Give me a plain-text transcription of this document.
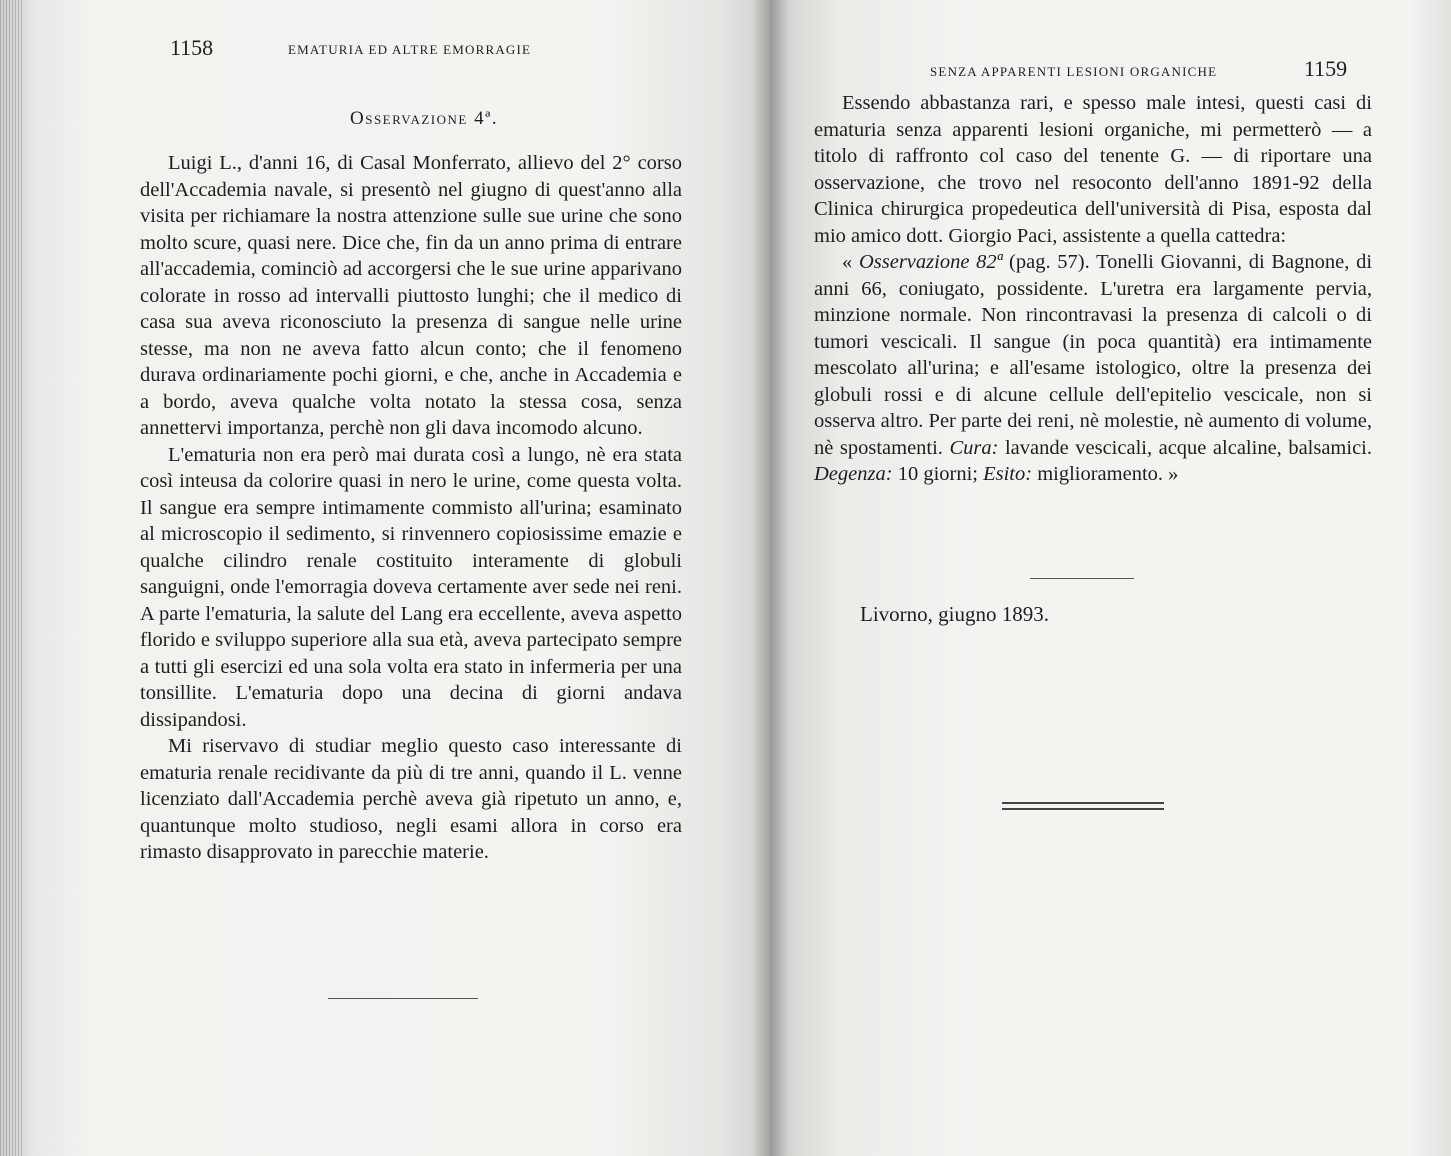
1158	EMATURIA ED ALTRE EMORRAGIE
Osservazione 4ª.

Luigi L., d'anni 16, di Casal Monferrato, allievo del 2° corso dell'Accademia navale, si presentò nel giugno di quest'anno alla visita per richiamare la nostra attenzione sulle sue urine che sono molto scure, quasi nere. Dice che, fin da un anno prima di entrare all'accademia, cominciò ad accorgersi che le sue urine apparivano colorate in rosso ad intervalli piuttosto lunghi; che il medico di casa sua aveva riconosciuto la presenza di sangue nelle urine stesse, ma non ne aveva fatto alcun conto; che il fenomeno durava ordinariamente pochi giorni, e che, anche in Accademia e a bordo, aveva qualche volta notato la stessa cosa, senza annettervi importanza, perchè non gli dava incomodo alcuno.

L'ematuria non era però mai durata così a lungo, nè era stata così inteusa da colorire quasi in nero le urine, come questa volta. Il sangue era sempre intimamente commisto all'urina; esaminato al microscopio il sedimento, si rinvennero copiosissime emazie e qualche cilindro renale costituito interamente di globuli sanguigni, onde l'emorragia doveva certamente aver sede nei reni. A parte l'ematuria, la salute del Lang era eccellente, aveva aspetto florido e sviluppo superiore alla sua età, aveva partecipato sempre a tutti gli esercizi ed una sola volta era stato in infermeria per una tonsillite. L'ematuria dopo una decina di giorni andava dissipandosi.

Mi riservavo di studiar meglio questo caso interessante di ematuria renale recidivante da più di tre anni, quando il L. venne licenziato dall'Accademia perchè aveva già ripetuto un anno, e, quantunque molto studioso, negli esami allora in corso era rimasto disapprovato in parecchie materie.

SENZA APPARENTI LESIONI ORGANICHE	1159

Essendo abbastanza rari, e spesso male intesi, questi casi di ematuria senza apparenti lesioni organiche, mi permetterò — a titolo di raffronto col caso del tenente G. — di riportare una osservazione, che trovo nel resoconto dell'anno 1891-92 della Clinica chirurgica propedeutica dell'università di Pisa, esposta dal mio amico dott. Giorgio Paci, assistente a quella cattedra:

« Osservazione 82ª (pag. 57). Tonelli Giovanni, di Bagnone, di anni 66, coniugato, possidente. L'uretra era largamente pervia, minzione normale. Non rincontravasi la presenza di calcoli o di tumori vescicali. Il sangue (in poca quantità) era intimamente mescolato all'urina; e all'esame istologico, oltre la presenza dei globuli rossi e di alcune cellule dell'epitelio vescicale, non si osserva altro. Per parte dei reni, nè molestie, nè aumento di volume, nè spostamenti. Cura: lavande vescicali, acque alcaline, balsamici. Degenza: 10 giorni; Esito: miglioramento. »

Livorno, giugno 1893.
